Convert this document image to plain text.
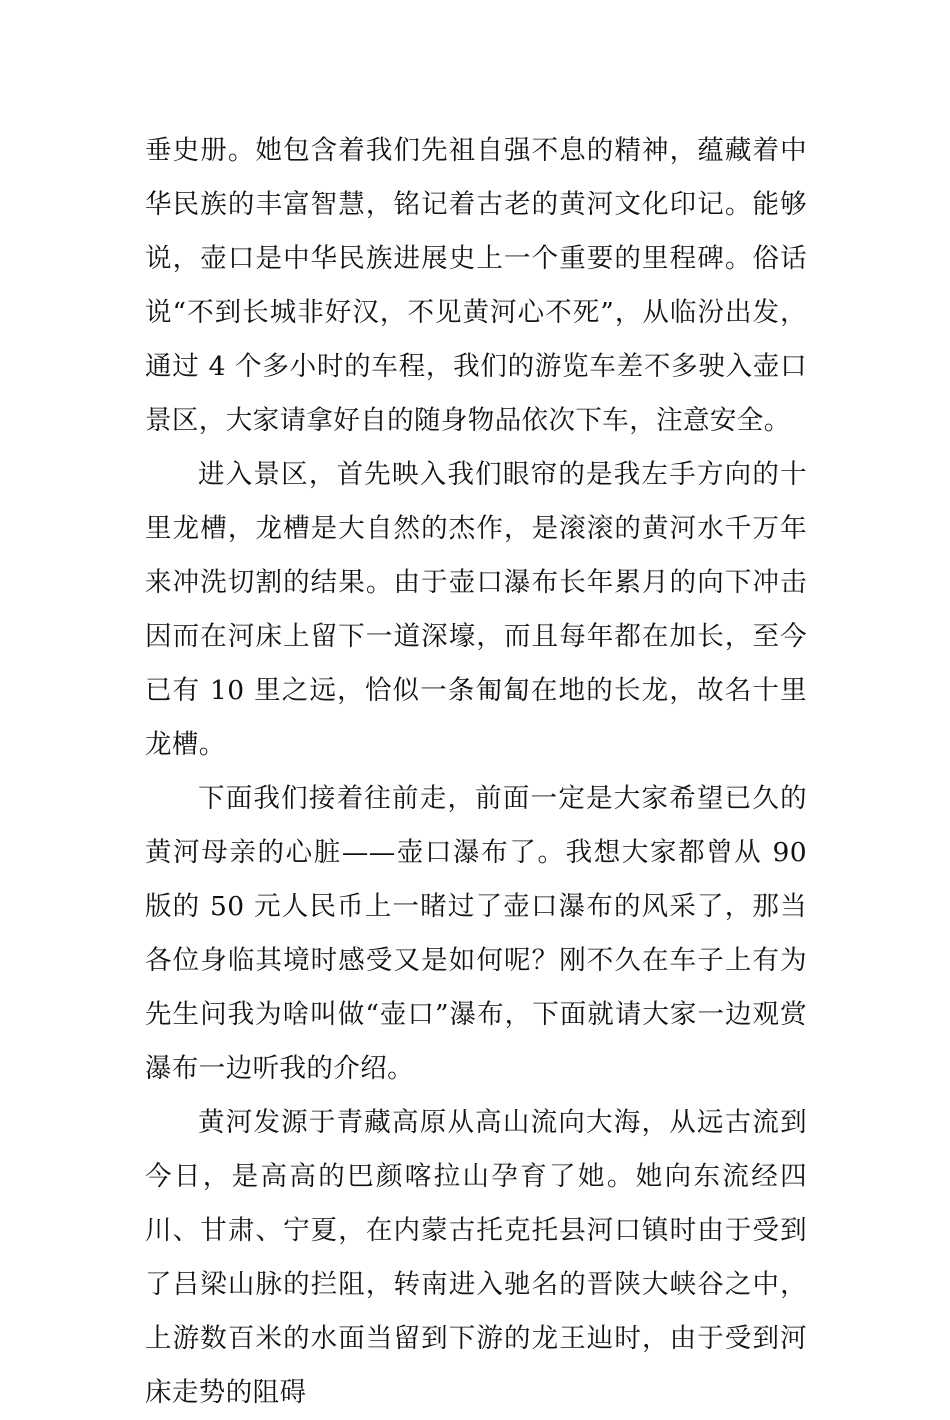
垂史册。她包含着我们先祖自强不息的精神，蕴藏着中华民族的丰富智慧，铭记着古老的黄河文化印记。能够说，壶口是中华民族进展史上一个重要的里程碑。俗话说“不到长城非好汉，不见黄河心不死”，从临汾出发，通过 4 个多小时的车程，我们的游览车差不多驶入壶口景区，大家请拿好自的随身物品依次下车，注意安全。

进入景区，首先映入我们眼帘的是我左手方向的十里龙槽，龙槽是大自然的杰作，是滚滚的黄河水千万年来冲洗切割的结果。由于壶口瀑布长年累月的向下冲击因而在河床上留下一道深壕，而且每年都在加长，至今已有 10 里之远，恰似一条匍匐在地的长龙，故名十里龙槽。

下面我们接着往前走，前面一定是大家希望已久的黄河母亲的心脏——壶口瀑布了。我想大家都曾从 90 版的 50 元人民币上一睹过了壶口瀑布的风采了，那当各位身临其境时感受又是如何呢？刚不久在车子上有为先生问我为啥叫做“壶口”瀑布，下面就请大家一边观赏瀑布一边听我的介绍。

黄河发源于青藏高原从高山流向大海，从远古流到今日，是高高的巴颜喀拉山孕育了她。她向东流经四川、甘肃、宁夏，在内蒙古托克托县河口镇时由于受到了吕梁山脉的拦阻，转南进入驰名的晋陕大峡谷之中，上游数百米的水面当留到下游的龙王辿时，由于受到河床走势的阻碍
